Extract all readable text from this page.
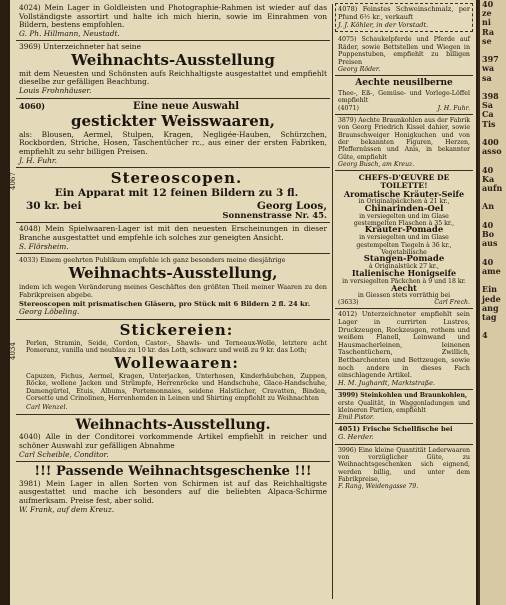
4024) Mein Lager in Goldleisten und Photographie-Rahmen ist wieder auf das Vollständigste assortirt und halte ich mich hierin, sowie im Einrahmen von Bildern, bestens empfohlen.

G. Ph. Hillmann, Neustadt.

3969) Unterzeichneter hat seine

Weihnachts-Ausstellung

mit dem Neuesten und Schönsten aufs Reichhaltigste ausgestattet und empfiehlt dieselbe zur gefälligen Beachtung.

Louis Frohnhäuser.

4060)	Eine neue Auswahl
gestickter Weisswaaren,

als: Blousen, Aermel, Stulpen, Kragen, Negligée-Hauben, Schürzchen, Rockborden, Striche, Hosen, Taschentücher rc., aus einer der ersten Fabriken, empfiehlt zu sehr billigen Preisen.

J. H. Fuhr.

4067	Stereoscopen.
Ein Apparat mit 12 feinen Bildern zu 3 fl.
30 kr. bei	Georg Loos,
Sonnenstrasse Nr. 45.

4048) Mein Spielwaaren-Lager ist mit den neuesten Erscheinungen in dieser Branche ausgestattet und empfehle ich solches zur geneigten Ansicht.

S. Flörsheim.

4033) Einem geehrten Publikum empfehle ich ganz besonders meine diesjährige

Weihnachts-Ausstellung,

indem ich wegen Veränderung meines Geschäftes den größten Theil meiner Waaren zu den Fabrikpreisen abgebe.

Stereoscopen mit prismatischen Gläsern, pro Stück mit 6 Bildern 2 fl. 24 kr.

Georg Löbeling.

4034
Stickereien:

Perlen, Stramin, Seide, Cordon, Castor-, Shawls- und Terneaux-Wolle, letztere acht Pomeranz, vanilla und neublau zu 10 kr. das Loth, schwarz und weiß zu 9 kr. das Loth;

Wollewaaren:

Capuzen, Fichus, Aermel, Kragen, Unterjacken, Unterhosen, Kinderhäubchen, Zuppen, Röcke, wollene Jacken und Strümpfe, Herrenröcke und Handschuhe, Glace-Handschuhe, Damengürtel, Etuis, Albums, Portemonnaies, seidene Halstücher, Cravatten, Binden, Corsette und Crinolinen, Herrenhemden in Leinen und Shirting empfiehlt zu Weihnachten

Carl Wenzel.

Weihnachts-Ausstellung.

4040) Alle in der Conditorei vorkommende Artikel empfiehlt in reicher und schöner Auswahl zur gefälligen Abnahme

Carl Scheible, Conditor.

!!! Passende Weihnachtsgeschenke !!!

3981) Mein Lager in allen Sorten von Schirmen ist auf das Reichhaltigste ausgestattet und mache ich besonders auf die beliebten Alpaca-Schirme aufmerksam. Preise fest, aber solid.

W. Frank, auf dem Kreuz.

4078) Feinstes Schweinschmalz, per Pfund 6½ kr., verkauft

J. J. Köhler, in der Vorstadt.

4075) Schaukelpferde und Pferde auf Räder, sowie Bettstellen und Wiegen in Puppenstuben, empfiehlt zu billigen Preisen

Georg Röder.

Aechte neusilberne

Thee-, Eß-, Gemüse- und Vorlege-Löffel empfiehlt

(4071)	J. H. Fuhr.

3879) Aechte Braunkohlen aus der Fabrik von Georg Friedrich Kissel dahier, sowie Braunschweiger Honigkuchen und von der bekannten Figuren, Herzen, Pfeffernüssen und Anis, in bekannter Güte, empfiehlt

Georg Busch, am Kreuz.

CHEFS-D'ŒUVRE DE TOILETTE!
Aromatische Kräuter-Seife
in Originalpäckchen à 21 kr.,
Chinarinden-Oel
in versiegelten und im Glase gestempelten Flaschen à 35 kr.,
Kräuter-Pomade
in versiegelten und im Glase gestempelten Tiegeln à 36 kr.,
Vegetabilische
Stangen-Pomade
à Originalstück 27 kr.,
Italienische Honigseife
in versiegelten Päckchen à 9 und 18 kr.
Aecht
in Giessen stets vorräthig bei
(3633)	Carl Frech.

4012) Unterzeichneter empfiehlt sein Lager in currirten Lustres, Druckzeugen, Rockzeugen, rothem und weißem Flanell, Leinwand und Hausmacherleinen, leinenen Taschentüchern, Zwillich, Bettbarchenten und Bettzeugen, sowie noch andere in dieses Fach einschlagende Artikel.

H. M. Jughardt, Marktstraße.

3999) Steinkohlen und Braunkohlen,

erste Qualität, in Waggonladungen und kleineren Partien, empfiehlt

Emil Pistor.

4051) Frische Schellfische bei

G. Herder.

3996) Eine kleine Quantität Lederwaaren von vorzüglicher Güte, zu Weihnachtsgeschenken sich eignend, werden billig, und unter dem Fabrikpreise,

F. Rang, Weidengasse 79.

40
ze
ni
Ra
se

397
wa
sa

398
Sa
Ca
Tis

400
asso

40
Ka
aufn

An

40
Bo
aus

40
ame

Ein
jede
ang
tag

4
